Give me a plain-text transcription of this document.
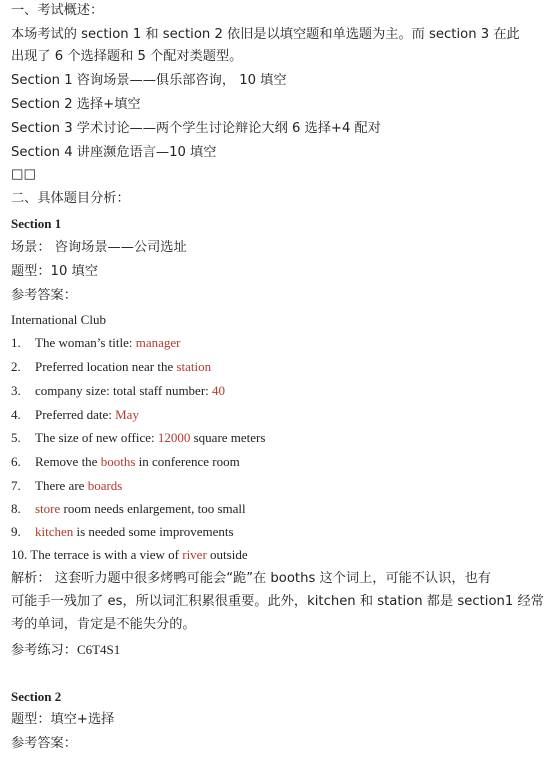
一、考试概述：
本场考试的 section 1 和 section 2 依旧是以填空题和单选题为主。而 section 3 在此
出现了 6 个选择题和 5 个配对类题型。
Section 1 咨询场景——俱乐部咨询， 10 填空
Section 2 选择+填空
Section 3 学术讨论——两个学生讨论辩论大纲 6 选择+4 配对
Section 4 讲座濒危语言—10 填空
□□
二、具体题目分析：
Section 1
场景： 咨询场景——公司选址
题型：10 填空
参考答案：
International Club
1. The woman’s title: manager
2. Preferred location near the station
3. company size: total staff number: 40
4. Preferred date: May
5. The size of new office: 12000 square meters
6. Remove the booths in conference room
7. There are boards
8. store room needs enlargement, too small
9. kitchen is needed some improvements
10. The terrace is with a view of river outside
解析： 这套听力题中很多烤鸭可能会“跪”在 booths 这个词上，可能不认识，也有
可能手一残加了 es，所以词汇积累很重要。此外，kitchen 和 station 都是 section1 经常
考的单词，肯定是不能失分的。
参考练习：C6T4S1
Section 2
题型：填空+选择
参考答案：
